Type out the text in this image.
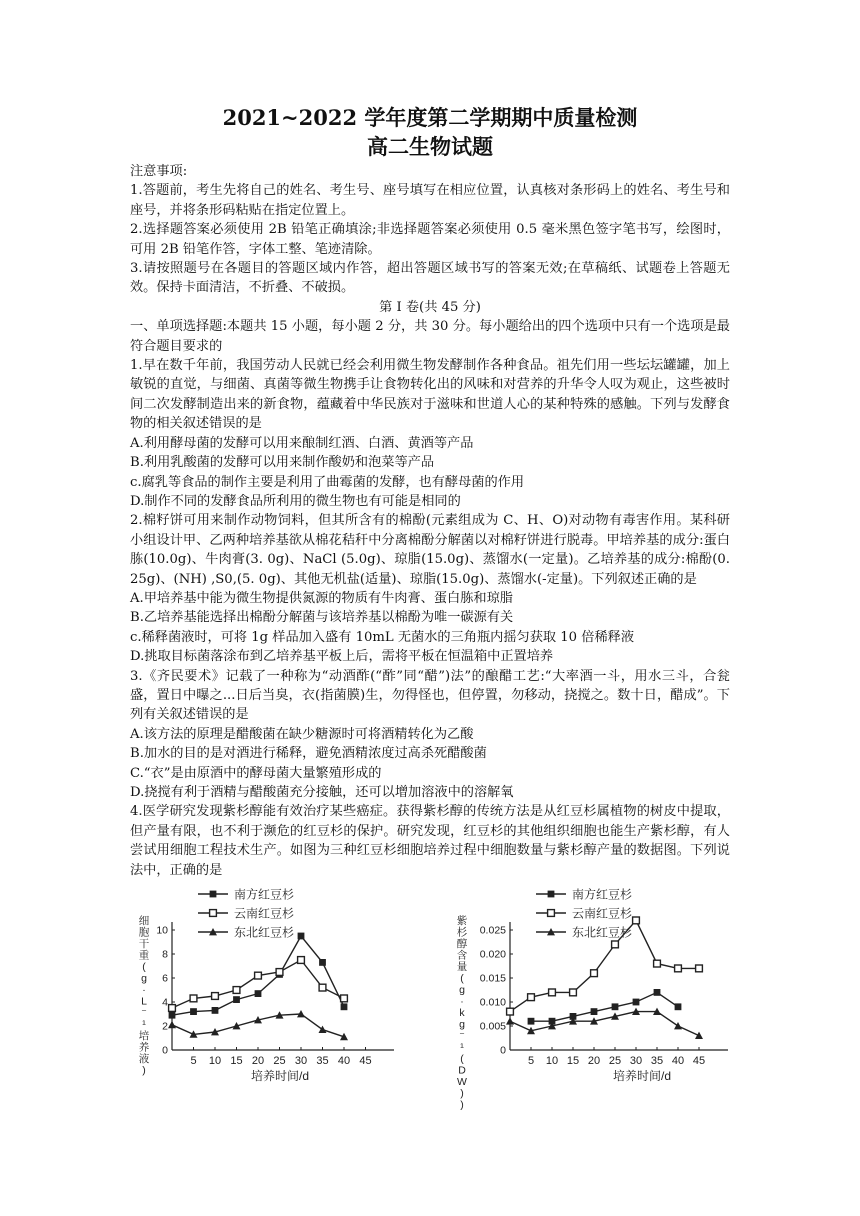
2021~2022 学年度第二学期期中质量检测
高二生物试题

注意事项:

1.答题前，考生先将自己的姓名、考生号、座号填写在相应位置，认真核对条形码上的姓名、考生号和座号，并将条形码粘贴在指定位置上。

2.选择题答案必须使用 2B 铅笔正确填涂;非选择题答案必须使用 0.5 毫米黑色签字笔书写，绘图时，可用 2B 铅笔作答，字体工整、笔迹清除。

3.请按照题号在各题目的答题区域内作答，超出答题区域书写的答案无效;在草稿纸、试题卷上答题无效。保持卡面清洁，不折叠、不破损。

第 I 卷(共 45 分)

一、单项选择题:本题共 15 小题，每小题 2 分，共 30 分。每小题给出的四个选项中只有一个选项是最符合题目要求的

1.早在数千年前，我国劳动人民就已经会利用微生物发酵制作各种食品。祖先们用一些坛坛罐罐，加上敏锐的直觉，与细菌、真菌等微生物携手让食物转化出的风味和对营养的升华令人叹为观止，这些被时间二次发酵制造出来的新食物，蕴藏着中华民族对于滋味和世道人心的某种特殊的感触。下列与发酵食物的相关叙述错误的是

A.利用酵母菌的发酵可以用来酿制红酒、白酒、黄酒等产品

B.利用乳酸菌的发酵可以用来制作酸奶和泡菜等产品

c.腐乳等食品的制作主要是利用了曲霉菌的发酵，也有酵母菌的作用

D.制作不同的发酵食品所利用的微生物也有可能是相同的

2.棉籽饼可用来制作动物饲料，但其所含有的棉酚(元素组成为 C、H、O)对动物有毒害作用。某科研小组设计甲、乙两种培养基欲从棉花秸秆中分离棉酚分解菌以对棉籽饼进行脱毒。甲培养基的成分:蛋白胨(10.0g)、牛肉膏(3. 0g)、NaCl (5.0g)、琼脂(15.0g)、蒸馏水(一定量)。乙培养基的成分:棉酚(0. 25g)、(NH) ,S0,(5. 0g)、其他无机盐(适量)、琼脂(15.0g)、蒸馏水(-定量)。下列叙述正确的是

A.甲培养基中能为微生物提供氮源的物质有牛肉膏、蛋白胨和琼脂

B.乙培养基能选择出棉酚分解菌与该培养基以棉酚为唯一碳源有关

c.稀释菌液时，可将 1g 样品加入盛有 10mL 无菌水的三角瓶内摇匀获取 10 倍稀释液

D.挑取目标菌落涂布到乙培养基平板上后，需将平板在恒温箱中正置培养

3.《齐民要术》记载了一种称为“动酒酢(“酢”同“醋”)法”的酿醋工艺:“大率酒一斗，用水三斗，合瓮盛，置日中曝之...日后当臭，衣(指菌膜)生，勿得怪也，但停置，勿移动，挠搅之。数十日，醋成”。下列有关叙述错误的是

A.该方法的原理是醋酸菌在缺少糖源时可将酒精转化为乙酸

B.加水的目的是对酒进行稀释，避免酒精浓度过高杀死醋酸菌

C.“衣”是由原酒中的酵母菌大量繁殖形成的

D.挠搅有利于酒精与醋酸菌充分接触，还可以增加溶液中的溶解氧

4.医学研究发现紫杉醇能有效治疗某些癌症。获得紫杉醇的传统方法是从红豆杉属植物的树皮中提取，但产量有限，也不利于濒危的红豆杉的保护。研究发现，红豆杉的其他组织细胞也能生产紫杉醇，有人尝试用细胞工程技术生产。如图为三种红豆杉细胞培养过程中细胞数量与紫杉醇产量的数据图。下列说法中，正确的是

0
2
4
6
8
10
5 10 15 20 25 30 35 40 45
培养时间/d
细
胞
干
重
(
g
·
L
⁻
¹
培
养
液
)
南方红豆杉
云南红豆杉
东北红豆杉
0
0.005
0.010
0.015
0.020
0.025
5 10 15 20 25 30 35 40 45
培养时间/d
紫
杉
醇
含
量
(
g
·
k
g
⁻
¹
(
D
W
)
)
南方红豆杉
云南红豆杉
东北红豆杉
